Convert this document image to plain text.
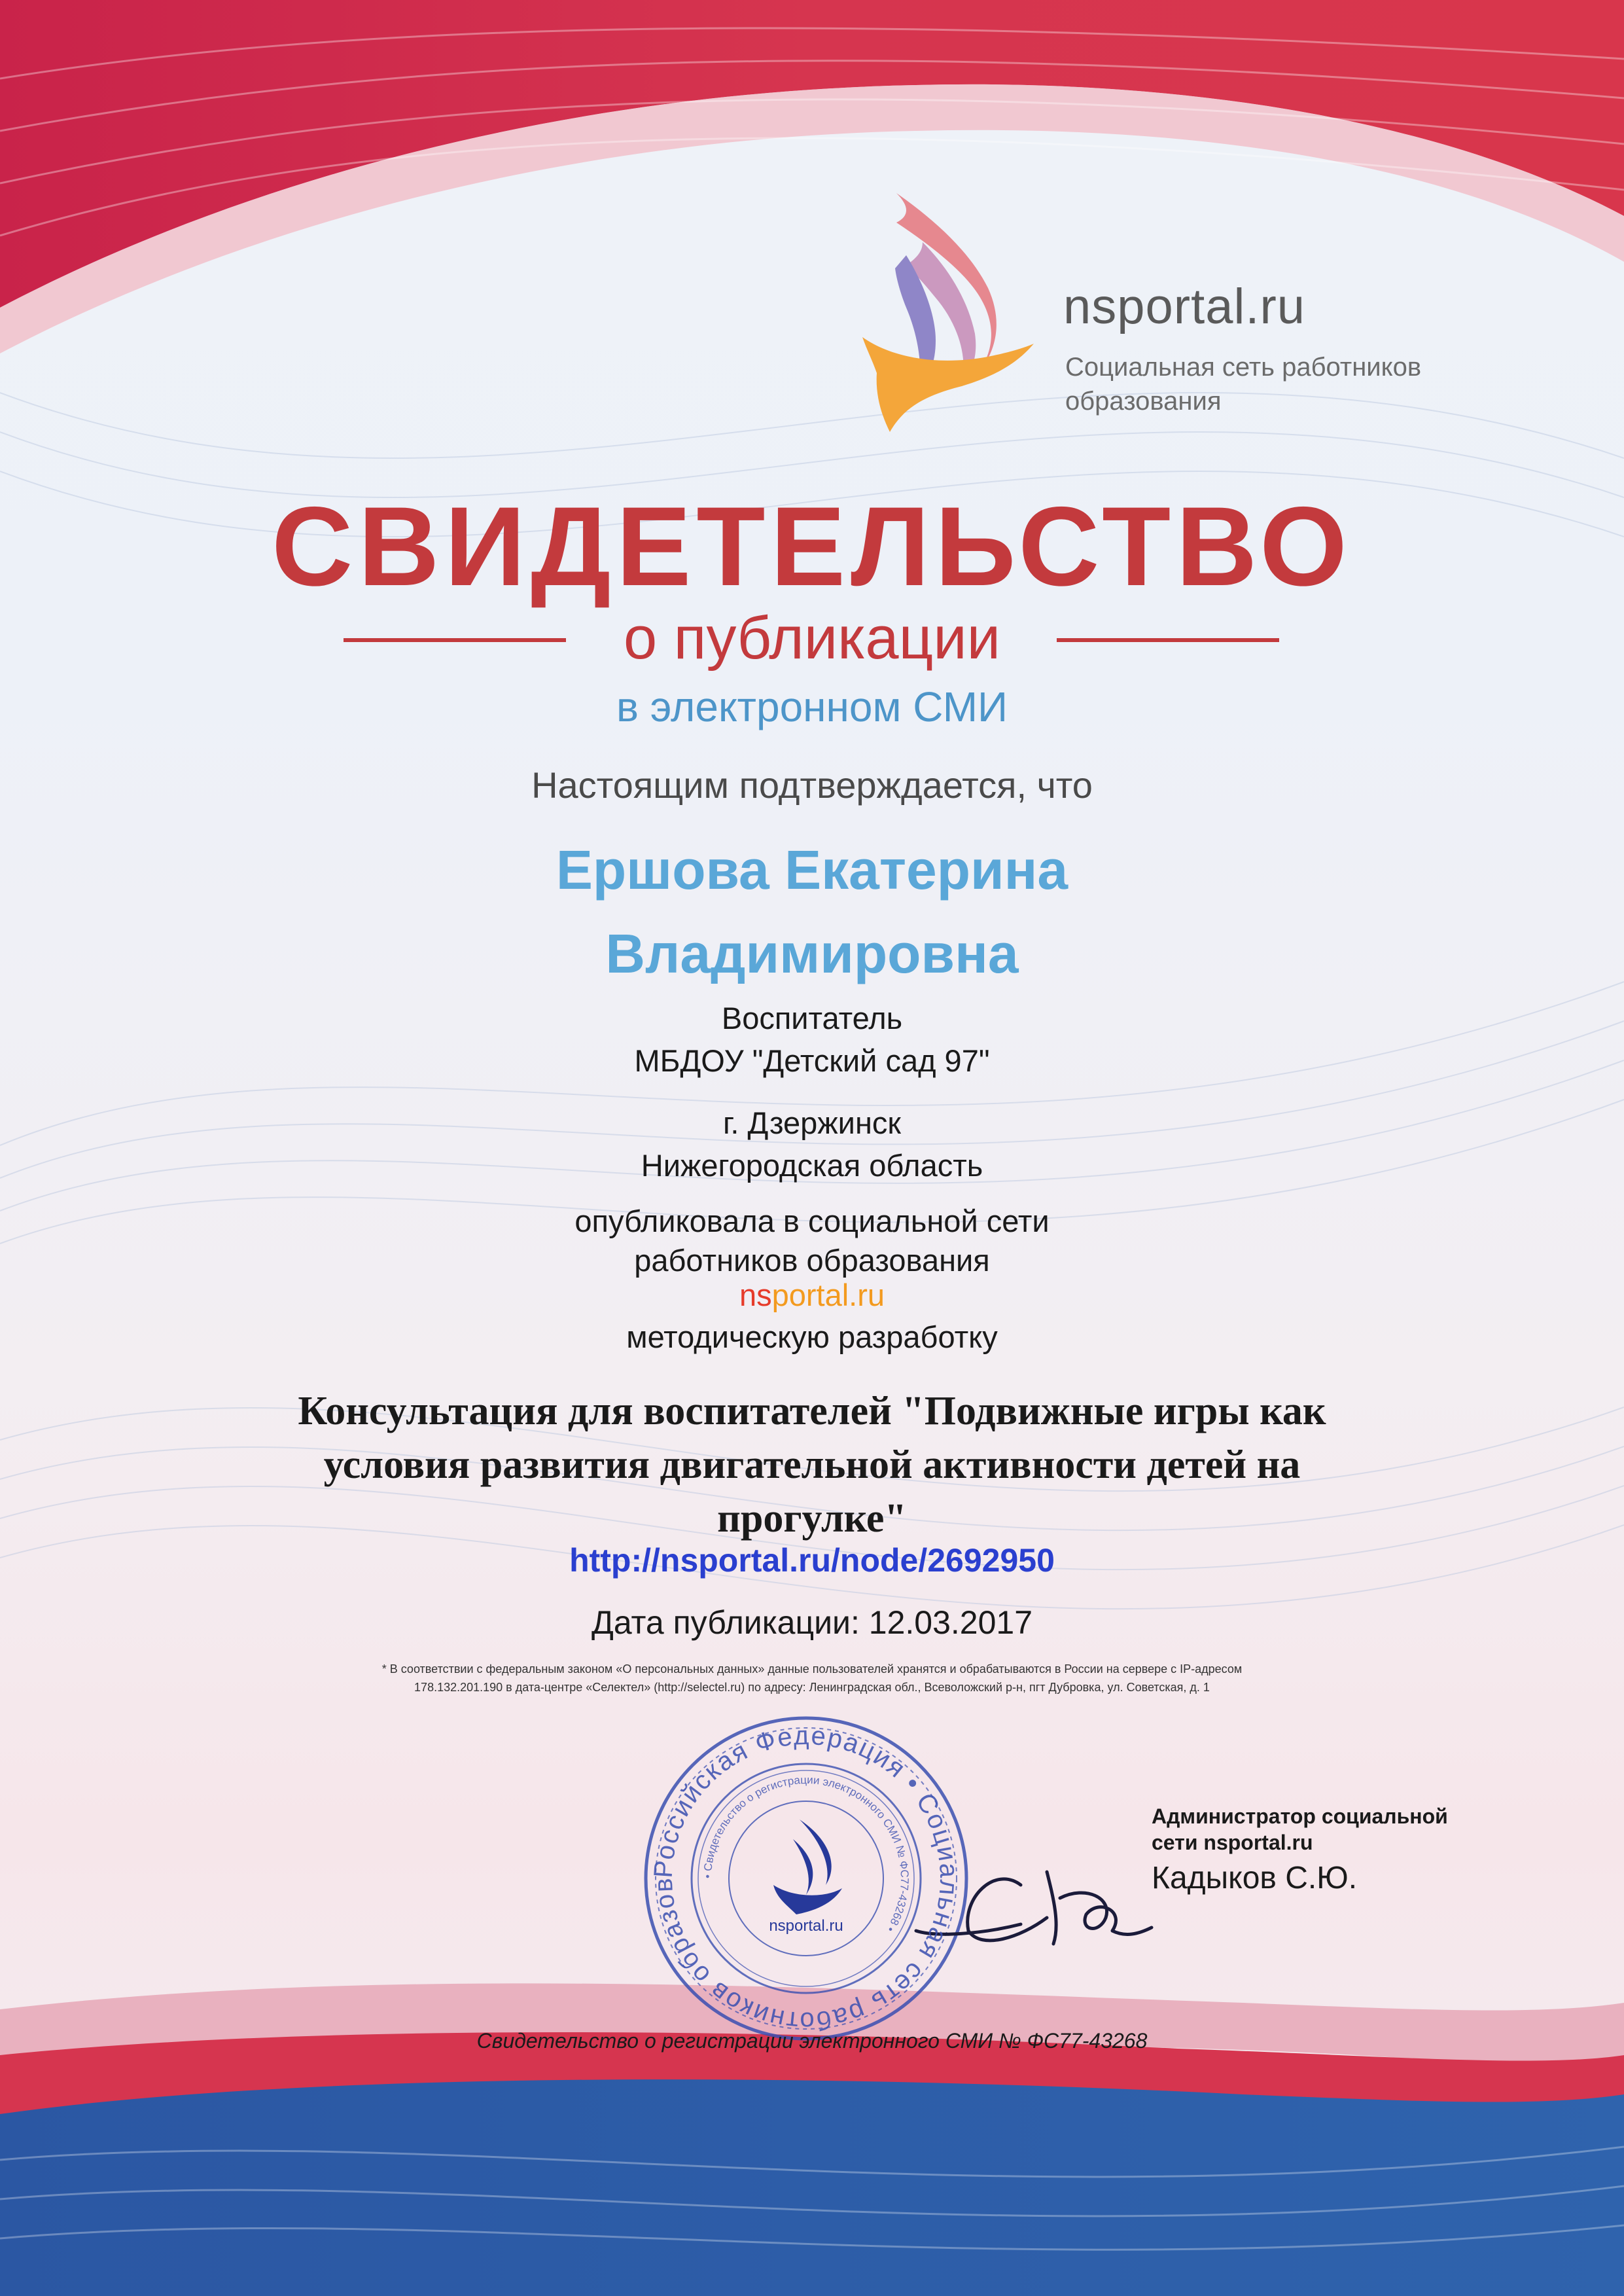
Российская Федерация • Социальная сеть работников образования •
• Свидетельство о регистрации электронного СМИ № ФС77-43268 •
nsportal.ru
nsportal.ru
Социальная сеть работников
образования
СВИДЕТЕЛЬСТВО
о публикации
в электронном СМИ
Настоящим подтверждается, что
Ершова Екатерина
Владимировна
Воспитатель
МБДОУ "Детский сад 97"
г. Дзержинск
Нижегородская область
опубликовала в социальной сети
работников образования
nsportal.ru
методическую разработку
Консультация для воспитателей "Подвижные игры как условия развития двигательной активности детей на прогулке"
http://nsportal.ru/node/2692950
Дата публикации: 12.03.2017
* В соответствии с федеральным законом «О персональных данных» данные пользователей хранятся и обрабатываются в России на сервере с IP-адресом
178.132.201.190 в дата-центре «Селектел» (http://selectel.ru) по адресу: Ленинградская обл., Всеволожский р-н, пгт Дубровка, ул. Советская, д. 1
Администратор социальной сети nsportal.ru
Кадыков С.Ю.
Свидетельство о регистрации электронного СМИ № ФС77-43268
